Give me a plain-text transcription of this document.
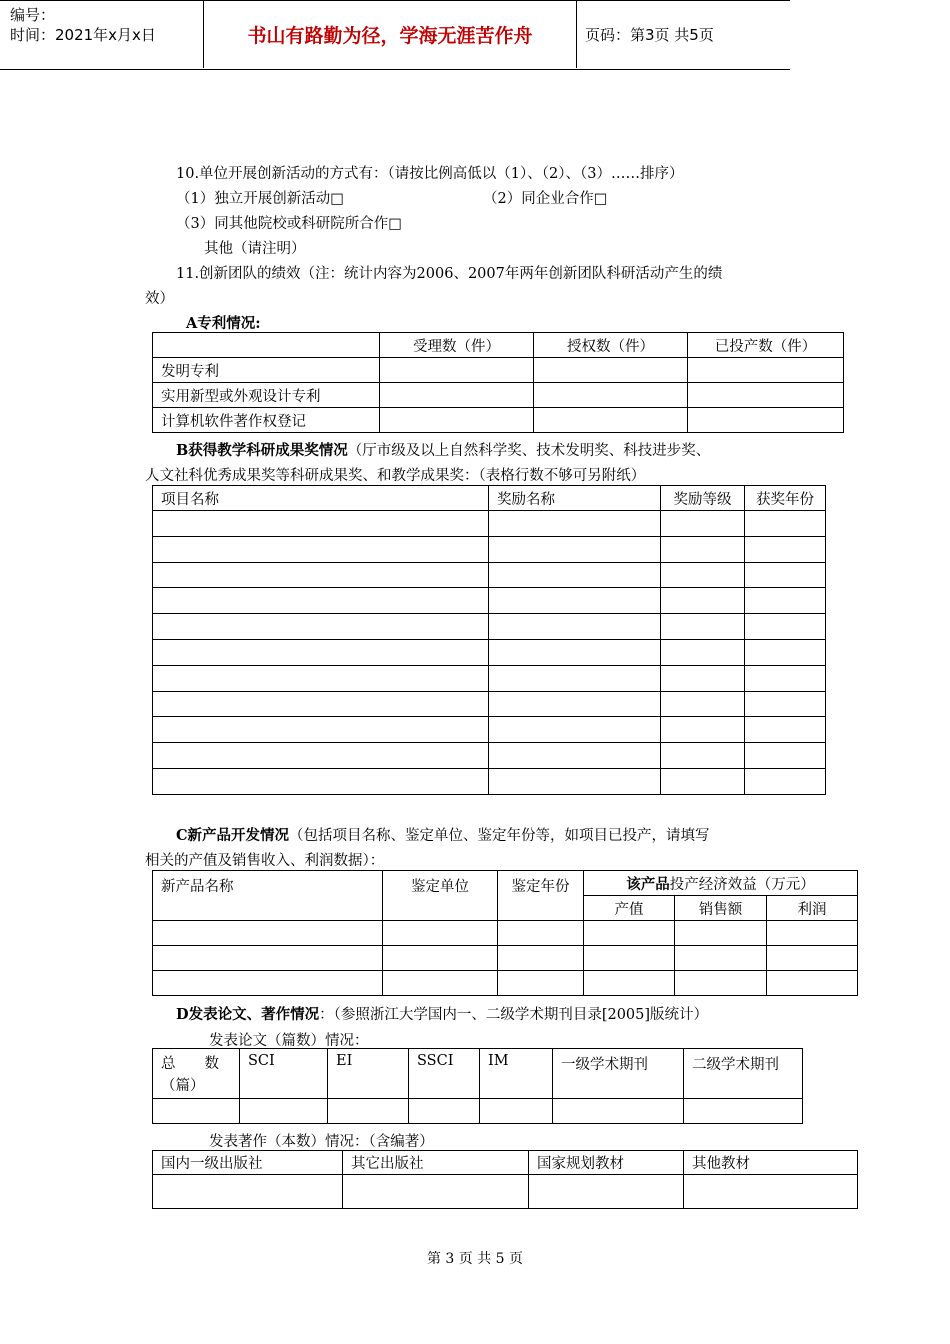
编号：
时间：2021年x月x日	书山有路勤为径，学海无涯苦作舟	页码：第3页 共5页
10.单位开展创新活动的方式有：（请按比例高低以（1）、（2）、（3）……排序）
（1）独立开展创新活动□	（2）同企业合作□
（3）同其他院校或科研院所合作□
其他（请注明）
11.创新团队的绩效（注：统计内容为2006、2007年两年创新团队科研活动产生的绩
效）
A专利情况:
	受理数（件）	授权数（件）	已投产数（件）
发明专利			
实用新型或外观设计专利			
计算机软件著作权登记			
B获得教学科研成果奖情况（厅市级及以上自然科学奖、技术发明奖、科技进步奖、
人文社科优秀成果奖等科研成果奖、和教学成果奖：（表格行数不够可另附纸）
项目名称	奖励名称	奖励等级	获奖年份

C新产品开发情况（包括项目名称、鉴定单位、鉴定年份等，如项目已投产，请填写
相关的产值及销售收入、利润数据）：
新产品名称	鉴定单位	鉴定年份	该产品投产经济效益（万元）		
			产值	销售额	利润

D发表论文、著作情况：（参照浙江大学国内一、二级学术期刊目录[2005]版统计）
发表论文（篇数）情况：
总　　数
（篇）	SCI	EI	SSCI	IM	一级学术期刊	二级学术期刊

发表著作（本数）情况：（含编著）
国内一级出版社	其它出版社	国家规划教材	其他教材

第 3 页 共 5 页
